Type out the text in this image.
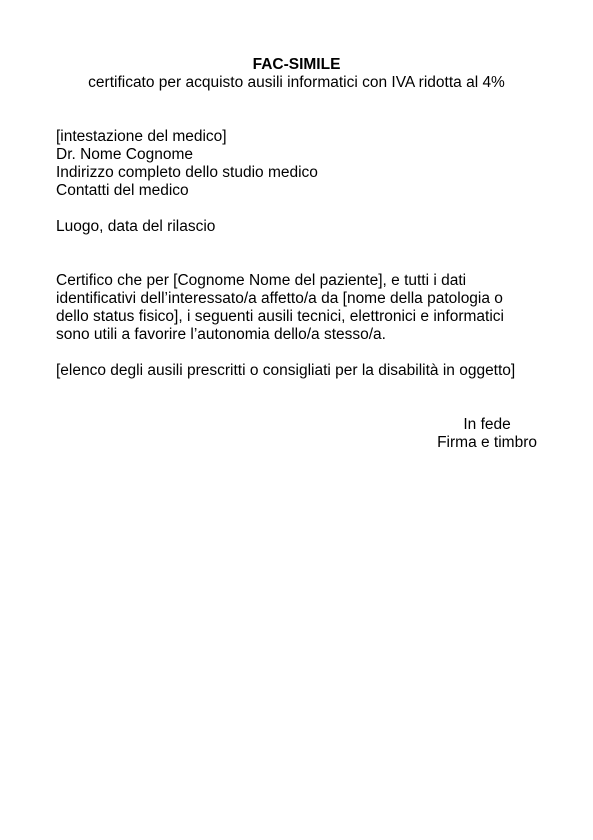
FAC-SIMILE
certificato per acquisto ausili informatici con IVA ridotta al 4%
[intestazione del medico]
Dr. Nome Cognome
Indirizzo completo dello studio medico
Contatti del medico
Luogo, data del rilascio
Certifico che per [Cognome Nome del paziente], e tutti i dati
identificativi dell’interessato/a affetto/a da [nome della patologia o
dello status fisico], i seguenti ausili tecnici, elettronici e informatici
sono utili a favorire l’autonomia dello/a stesso/a.
[elenco degli ausili prescritti o consigliati per la disabilità in oggetto]
In fede
Firma e timbro
